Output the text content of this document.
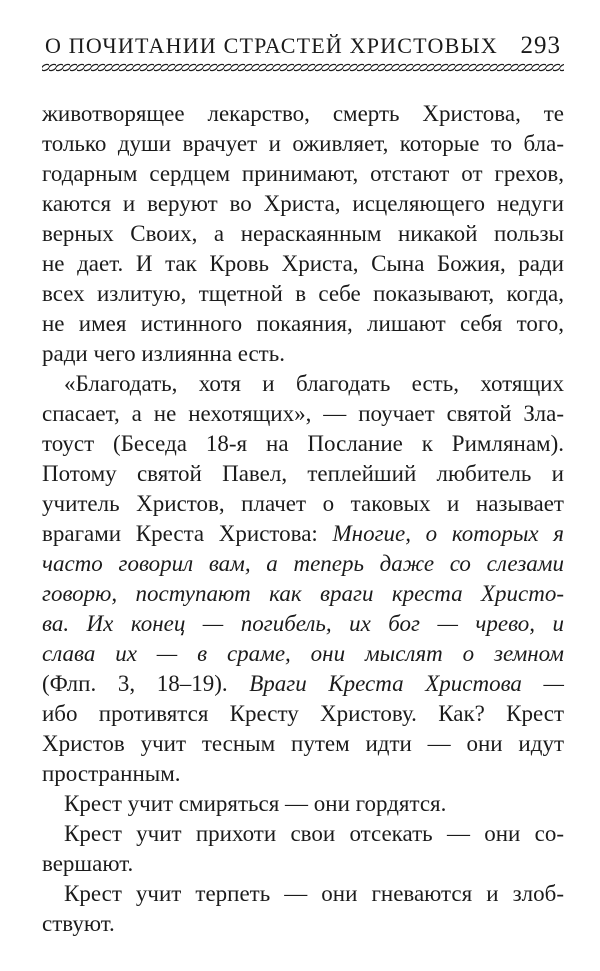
О ПОЧИТАНИИ СТРАСТЕЙ ХРИСТОВЫХ 293
животворящее лекарство, смерть Христова, те
только души врачует и оживляет, которые то бла-
годарным сердцем принимают, отстают от грехов,
каются и веруют во Христа, исцеляющего недуги
верных Своих, а нераскаянным никакой пользы
не дает. И так Кровь Христа, Сына Божия, ради
всех излитую, тщетной в себе показывают, когда,
не имея истинного покаяния, лишают себя того,
ради чего излиянна есть.
«Благодать, хотя и благодать есть, хотящих
спасает, а не нехотящих», — поучает святой Зла-
тоуст (Беседа 18-я на Послание к Римлянам).
Потому святой Павел, теплейший любитель и
учитель Христов, плачет о таковых и называет
врагами Креста Христова: Многие, о которых я
часто говорил вам, а теперь даже со слезами
говорю, поступают как враги креста Христо-
ва. Их конец — погибель, их бог — чрево, и
слава их — в сраме, они мыслят о земном
(Флп. 3, 18–19). Враги Креста Христова —
ибо противятся Кресту Христову. Как? Крест
Христов учит тесным путем идти — они идут
пространным.
Крест учит смиряться — они гордятся.
Крест учит прихоти свои отсекать — они со-
вершают.
Крест учит терпеть — они гневаются и злоб-
ствуют.
